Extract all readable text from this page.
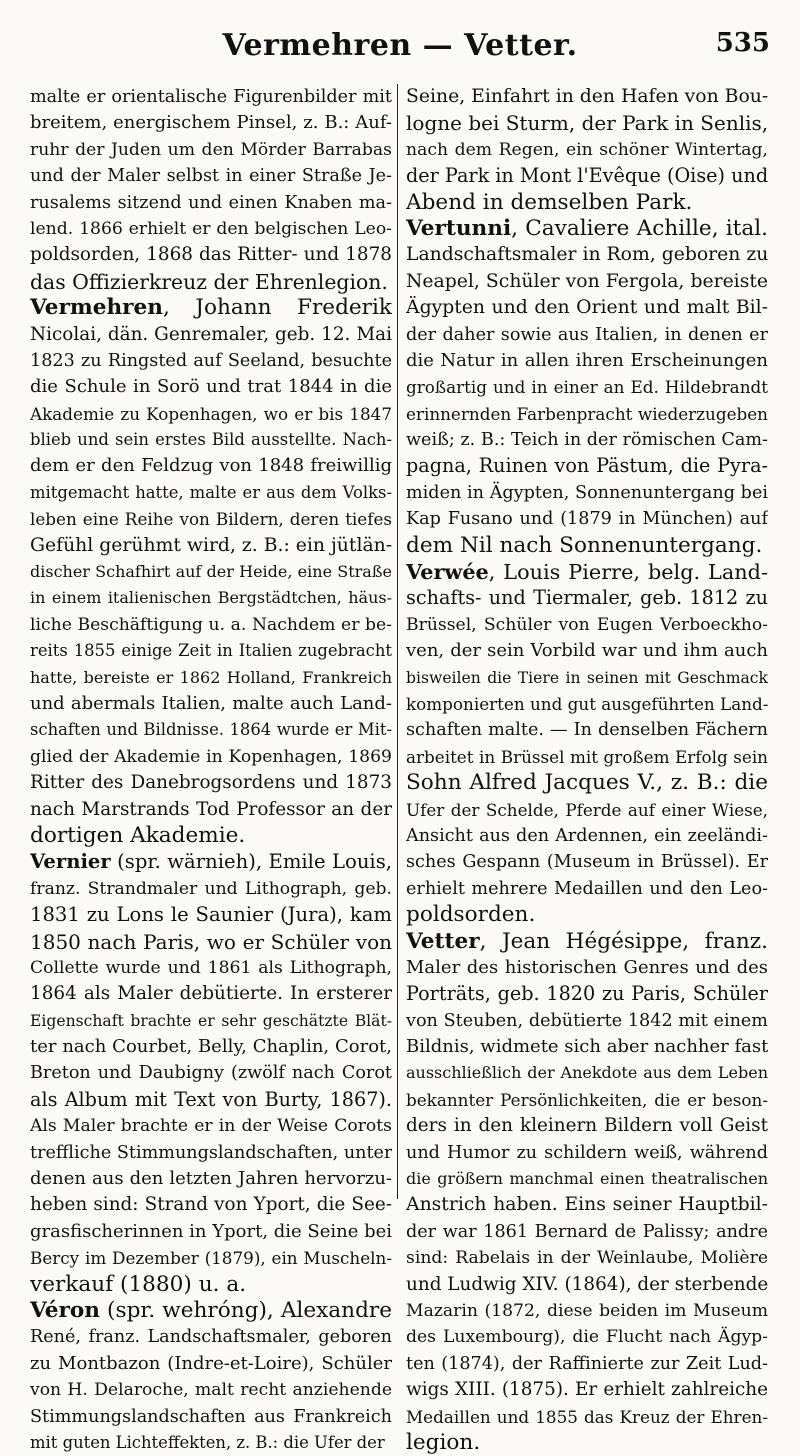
Vermehren — Vetter.	535
malte er orientalische Figurenbilder mit
breitem, energischem Pinsel, z. B.: Auf-
ruhr der Juden um den Mörder Barrabas
und der Maler selbst in einer Straße Je-
rusalems sitzend und einen Knaben ma-
lend. 1866 erhielt er den belgischen Leo-
poldsorden, 1868 das Ritter- und 1878
das Offizierkreuz der Ehrenlegion.
Vermehren, Johann Frederik
Nicolai, dän. Genremaler, geb. 12. Mai
1823 zu Ringsted auf Seeland, besuchte
die Schule in Sorö und trat 1844 in die
Akademie zu Kopenhagen, wo er bis 1847
blieb und sein erstes Bild ausstellte. Nach-
dem er den Feldzug von 1848 freiwillig
mitgemacht hatte, malte er aus dem Volks-
leben eine Reihe von Bildern, deren tiefes
Gefühl gerühmt wird, z. B.: ein jütlän-
discher Schafhirt auf der Heide, eine Straße
in einem italienischen Bergstädtchen, häus-
liche Beschäftigung u. a. Nachdem er be-
reits 1855 einige Zeit in Italien zugebracht
hatte, bereiste er 1862 Holland, Frankreich
und abermals Italien, malte auch Land-
schaften und Bildnisse. 1864 wurde er Mit-
glied der Akademie in Kopenhagen, 1869
Ritter des Danebrogsordens und 1873
nach Marstrands Tod Professor an der
dortigen Akademie.
Vernier (spr. wärnieh), Emile Louis,
franz. Strandmaler und Lithograph, geb.
1831 zu Lons le Saunier (Jura), kam
1850 nach Paris, wo er Schüler von
Collette wurde und 1861 als Lithograph,
1864 als Maler debütierte. In ersterer
Eigenschaft brachte er sehr geschätzte Blät-
ter nach Courbet, Belly, Chaplin, Corot,
Breton und Daubigny (zwölf nach Corot
als Album mit Text von Burty, 1867).
Als Maler brachte er in der Weise Corots
treffliche Stimmungslandschaften, unter
denen aus den letzten Jahren hervorzu-
heben sind: Strand von Yport, die See-
grasfischerinnen in Yport, die Seine bei
Bercy im Dezember (1879), ein Muscheln-
verkauf (1880) u. a.
Véron (spr. wehróng), Alexandre
René, franz. Landschaftsmaler, geboren
zu Montbazon (Indre-et-Loire), Schüler
von H. Delaroche, malt recht anziehende
Stimmungslandschaften aus Frankreich
mit guten Lichteffekten, z. B.: die Ufer der
Seine, Einfahrt in den Hafen von Bou-
logne bei Sturm, der Park in Senlis,
nach dem Regen, ein schöner Wintertag,
der Park in Mont l'Evêque (Oise) und
Abend in demselben Park.
Vertunni, Cavaliere Achille, ital.
Landschaftsmaler in Rom, geboren zu
Neapel, Schüler von Fergola, bereiste
Ägypten und den Orient und malt Bil-
der daher sowie aus Italien, in denen er
die Natur in allen ihren Erscheinungen
großartig und in einer an Ed. Hildebrandt
erinnernden Farbenpracht wiederzugeben
weiß; z. B.: Teich in der römischen Cam-
pagna, Ruinen von Pästum, die Pyra-
miden in Ägypten, Sonnenuntergang bei
Kap Fusano und (1879 in München) auf
dem Nil nach Sonnenuntergang.
Verwée, Louis Pierre, belg. Land-
schafts- und Tiermaler, geb. 1812 zu
Brüssel, Schüler von Eugen Verboeckho-
ven, der sein Vorbild war und ihm auch
bisweilen die Tiere in seinen mit Geschmack
komponierten und gut ausgeführten Land-
schaften malte. — In denselben Fächern
arbeitet in Brüssel mit großem Erfolg sein
Sohn Alfred Jacques V., z. B.: die
Ufer der Schelde, Pferde auf einer Wiese,
Ansicht aus den Ardennen, ein zeeländi-
sches Gespann (Museum in Brüssel). Er
erhielt mehrere Medaillen und den Leo-
poldsorden.
Vetter, Jean Hégésippe, franz.
Maler des historischen Genres und des
Porträts, geb. 1820 zu Paris, Schüler
von Steuben, debütierte 1842 mit einem
Bildnis, widmete sich aber nachher fast
ausschließlich der Anekdote aus dem Leben
bekannter Persönlichkeiten, die er beson-
ders in den kleinern Bildern voll Geist
und Humor zu schildern weiß, während
die größern manchmal einen theatralischen
Anstrich haben. Eins seiner Hauptbil-
der war 1861 Bernard de Palissy; andre
sind: Rabelais in der Weinlaube, Molière
und Ludwig XIV. (1864), der sterbende
Mazarin (1872, diese beiden im Museum
des Luxembourg), die Flucht nach Ägyp-
ten (1874), der Raffinierte zur Zeit Lud-
wigs XIII. (1875). Er erhielt zahlreiche
Medaillen und 1855 das Kreuz der Ehren-
legion.
